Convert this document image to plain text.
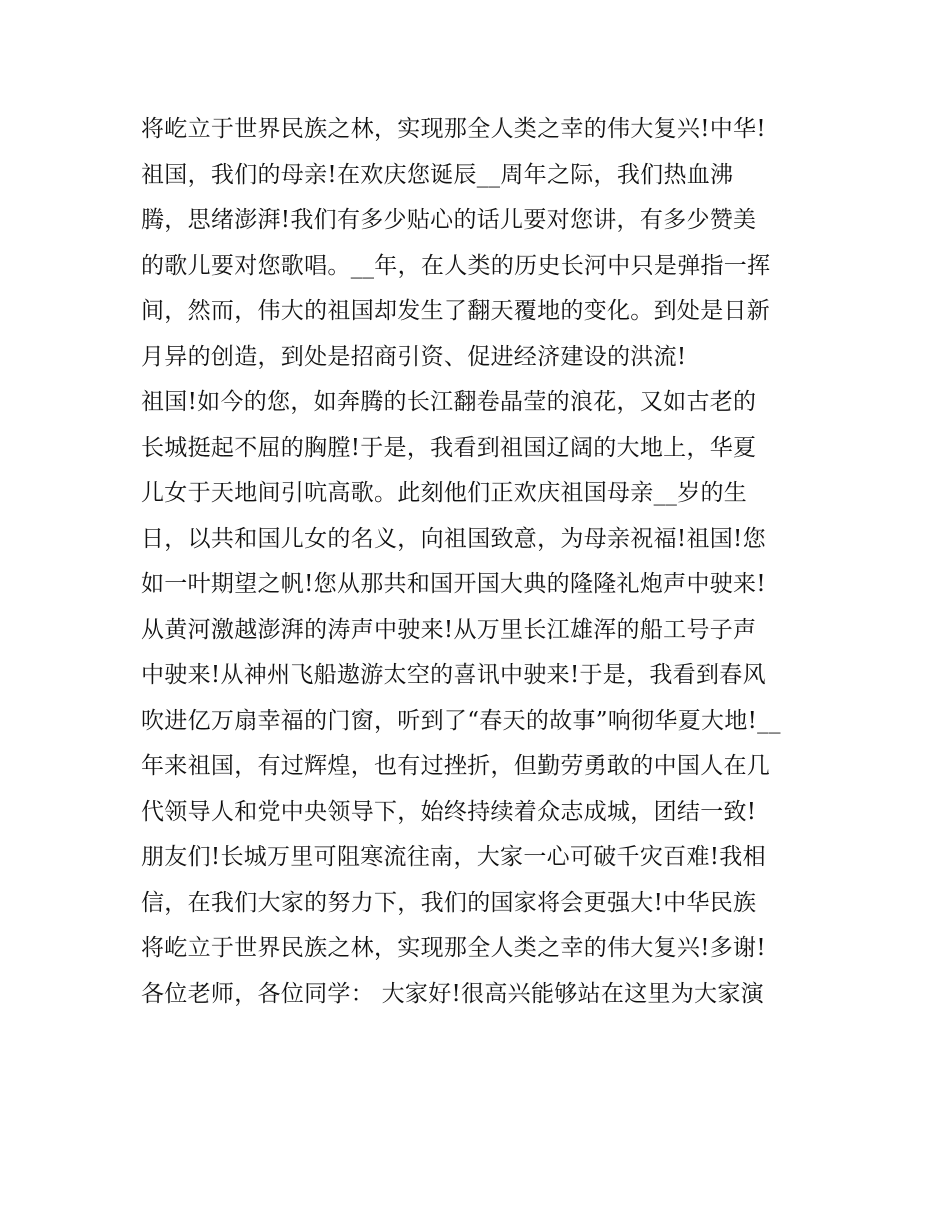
将屹立于世界民族之林，实现那全人类之幸的伟大复兴!中华!
祖国，我们的母亲!在欢庆您诞辰__周年之际，我们热血沸
腾，思绪澎湃!我们有多少贴心的话儿要对您讲，有多少赞美
的歌儿要对您歌唱。__年，在人类的历史长河中只是弹指一挥
间，然而，伟大的祖国却发生了翻天覆地的变化。到处是日新
月异的创造，到处是招商引资、促进经济建设的洪流!
祖国!如今的您，如奔腾的长江翻卷晶莹的浪花，又如古老的
长城挺起不屈的胸膛!于是，我看到祖国辽阔的大地上，华夏
儿女于天地间引吭高歌。此刻他们正欢庆祖国母亲__岁的生
日，以共和国儿女的名义，向祖国致意，为母亲祝福!祖国!您
如一叶期望之帆!您从那共和国开国大典的隆隆礼炮声中驶来!
从黄河激越澎湃的涛声中驶来!从万里长江雄浑的船工号子声
中驶来!从神州飞船遨游太空的喜讯中驶来!于是，我看到春风
吹进亿万扇幸福的门窗，听到了“春天的故事”响彻华夏大地!__
年来祖国，有过辉煌，也有过挫折，但勤劳勇敢的中国人在几
代领导人和党中央领导下，始终持续着众志成城，团结一致!
朋友们!长城万里可阻寒流往南，大家一心可破千灾百难!我相
信，在我们大家的努力下，我们的国家将会更强大!中华民族
将屹立于世界民族之林，实现那全人类之幸的伟大复兴!多谢!
各位老师，各位同学： 大家好!很高兴能够站在这里为大家演
